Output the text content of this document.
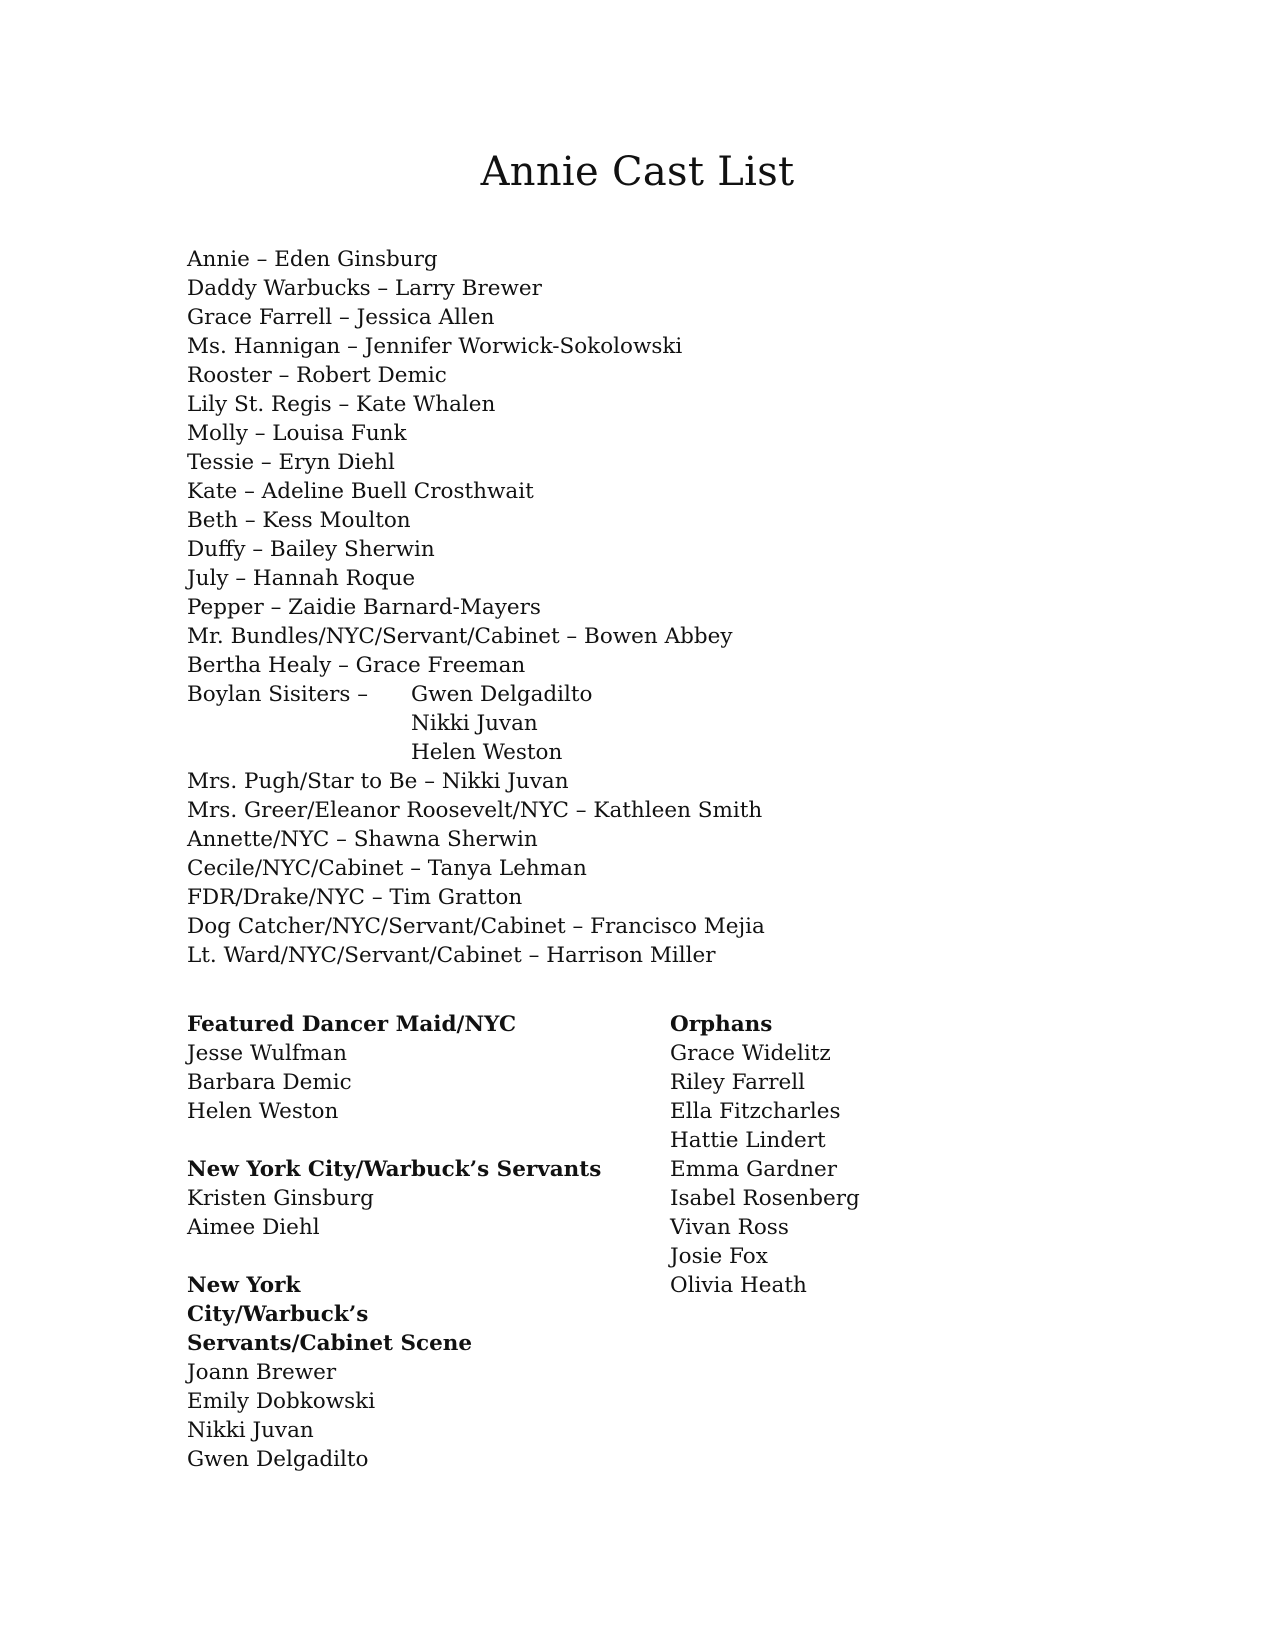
Annie Cast List
Annie – Eden Ginsburg
Daddy Warbucks – Larry Brewer
Grace Farrell – Jessica Allen
Ms. Hannigan – Jennifer Worwick-Sokolowski
Rooster – Robert Demic
Lily St. Regis – Kate Whalen
Molly – Louisa Funk
Tessie – Eryn Diehl
Kate – Adeline Buell Crosthwait
Beth – Kess Moulton
Duffy – Bailey Sherwin
July – Hannah Roque
Pepper – Zaidie Barnard-Mayers
Mr. Bundles/NYC/Servant/Cabinet – Bowen Abbey
Bertha Healy – Grace Freeman
Boylan Sisiters – Gwen Delgadilto
Nikki Juvan
Helen Weston
Mrs. Pugh/Star to Be – Nikki Juvan
Mrs. Greer/Eleanor Roosevelt/NYC – Kathleen Smith
Annette/NYC – Shawna Sherwin
Cecile/NYC/Cabinet – Tanya Lehman
FDR/Drake/NYC – Tim Gratton
Dog Catcher/NYC/Servant/Cabinet – Francisco Mejia
Lt. Ward/NYC/Servant/Cabinet – Harrison Miller
Featured Dancer Maid/NYC
Jesse Wulfman
Barbara Demic
Helen Weston
New York City/Warbuck’s Servants
Kristen Ginsburg
Aimee Diehl
New York City/Warbuck’s Servants/Cabinet Scene
Joann Brewer
Emily Dobkowski
Nikki Juvan
Gwen Delgadilto
Orphans
Grace Widelitz
Riley Farrell
Ella Fitzcharles
Hattie Lindert
Emma Gardner
Isabel Rosenberg
Vivan Ross
Josie Fox
Olivia Heath
